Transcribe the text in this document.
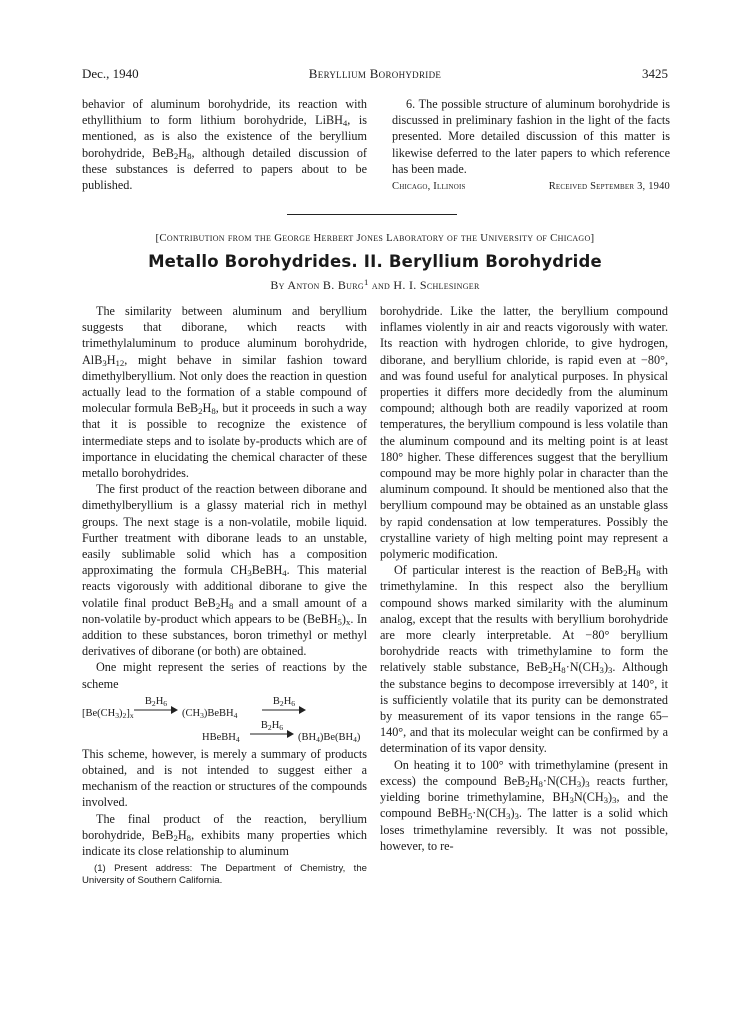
Dec., 1940	Beryllium Borohydride	3425

behavior of aluminum borohydride, its reaction with ethyllithium to form lithium borohydride, LiBH$_4$, is mentioned, as is also the existence of the beryllium borohydride, $BeB_2H_8$, although detailed discussion of these substances is deferred to papers about to be published.

6. The possible structure of aluminum borohydride is discussed in preliminary fashion in the light of the facts presented. More detailed discussion of this matter is likewise deferred to the later papers to which reference has been made.

Chicago, Illinois	Received September 3, 1940
[Contribution from the George Herbert Jones Laboratory of the University of Chicago]
Metallo Borohydrides. II. Beryllium Borohydride
By Anton B. Burg$^1$ and H. I. Schlesinger

The similarity between aluminum and beryllium suggests that diborane, which reacts with trimethylaluminum to produce aluminum borohydride, $AlB_3H_{12}$, might behave in similar fashion toward dimethylberyllium. Not only does the reaction in question actually lead to the formation of a stable compound of molecular formula $BeB_2H_8$, but it proceeds in such a way that it is possible to recognize the existence of intermediate steps and to isolate by-products which are of importance in elucidating the chemical character of these metallo borohydrides.

The first product of the reaction between diborane and dimethylberyllium is a glassy material rich in methyl groups. The next stage is a non-volatile, mobile liquid. Further treatment with diborane leads to an unstable, easily sublimable solid which has a composition approximating the formula $CH_3BeBH_4$. This material reacts vigorously with additional diborane to give the volatile final product $BeB_2H_8$ and a small amount of a non-volatile by-product which appears to be $(BeBH_5)_x$. In addition to these substances, boron trimethyl or methyl derivatives of diborane (or both) are obtained.

One might represent the series of reactions by the scheme

$[Be(CH_3)_2]_x$
$B_2H_6$
$(CH_3)BeBH_4$
$B_2H_6$
HBeBH$_4$
$B_2H_6$
$(BH_4)Be(BH_4)$

This scheme, however, is merely a summary of products obtained, and is not intended to suggest either a mechanism of the reaction or structures of the compounds involved.

The final product of the reaction, beryllium borohydride, $BeB_2H_8$, exhibits many properties which indicate its close relationship to aluminum

(1) Present address: The Department of Chemistry, the University of Southern California.

borohydride. Like the latter, the beryllium compound inflames violently in air and reacts vigorously with water. Its reaction with hydrogen chloride, to give hydrogen, diborane, and beryllium chloride, is rapid even at −80°, and was found useful for analytical purposes. In physical properties it differs more decidedly from the aluminum compound; although both are readily vaporized at room temperatures, the beryllium compound is less volatile than the aluminum compound and its melting point is at least 180° higher. These differences suggest that the beryllium compound may be more highly polar in character than the aluminum compound. It should be mentioned also that the beryllium compound may be obtained as an unstable glass by rapid condensation at low temperatures. Possibly the crystalline variety of high melting point may represent a polymeric modification.

Of particular interest is the reaction of $BeB_2H_8$ with trimethylamine. In this respect also the beryllium compound shows marked similarity with the aluminum analog, except that the results with beryllium borohydride are more clearly interpretable. At −80° beryllium borohydride reacts with trimethylamine to form the relatively stable substance, $BeB_2H_8\cdot N(CH_3)_3$. Although the substance begins to decompose irreversibly at 140°, it is sufficiently volatile that its purity can be demonstrated by measurement of its vapor tensions in the range 65–140°, and that its molecular weight can be confirmed by a determination of its vapor density.

On heating it to 100° with trimethylamine (present in excess) the compound $BeB_2H_8\cdot N(CH_3)_3$ reacts further, yielding borine trimethylamine, $BH_3N(CH_3)_3$, and the compound $BeBH_5\cdot N(CH_3)_3$. The latter is a solid which loses trimethylamine reversibly. It was not possible, however, to re-
